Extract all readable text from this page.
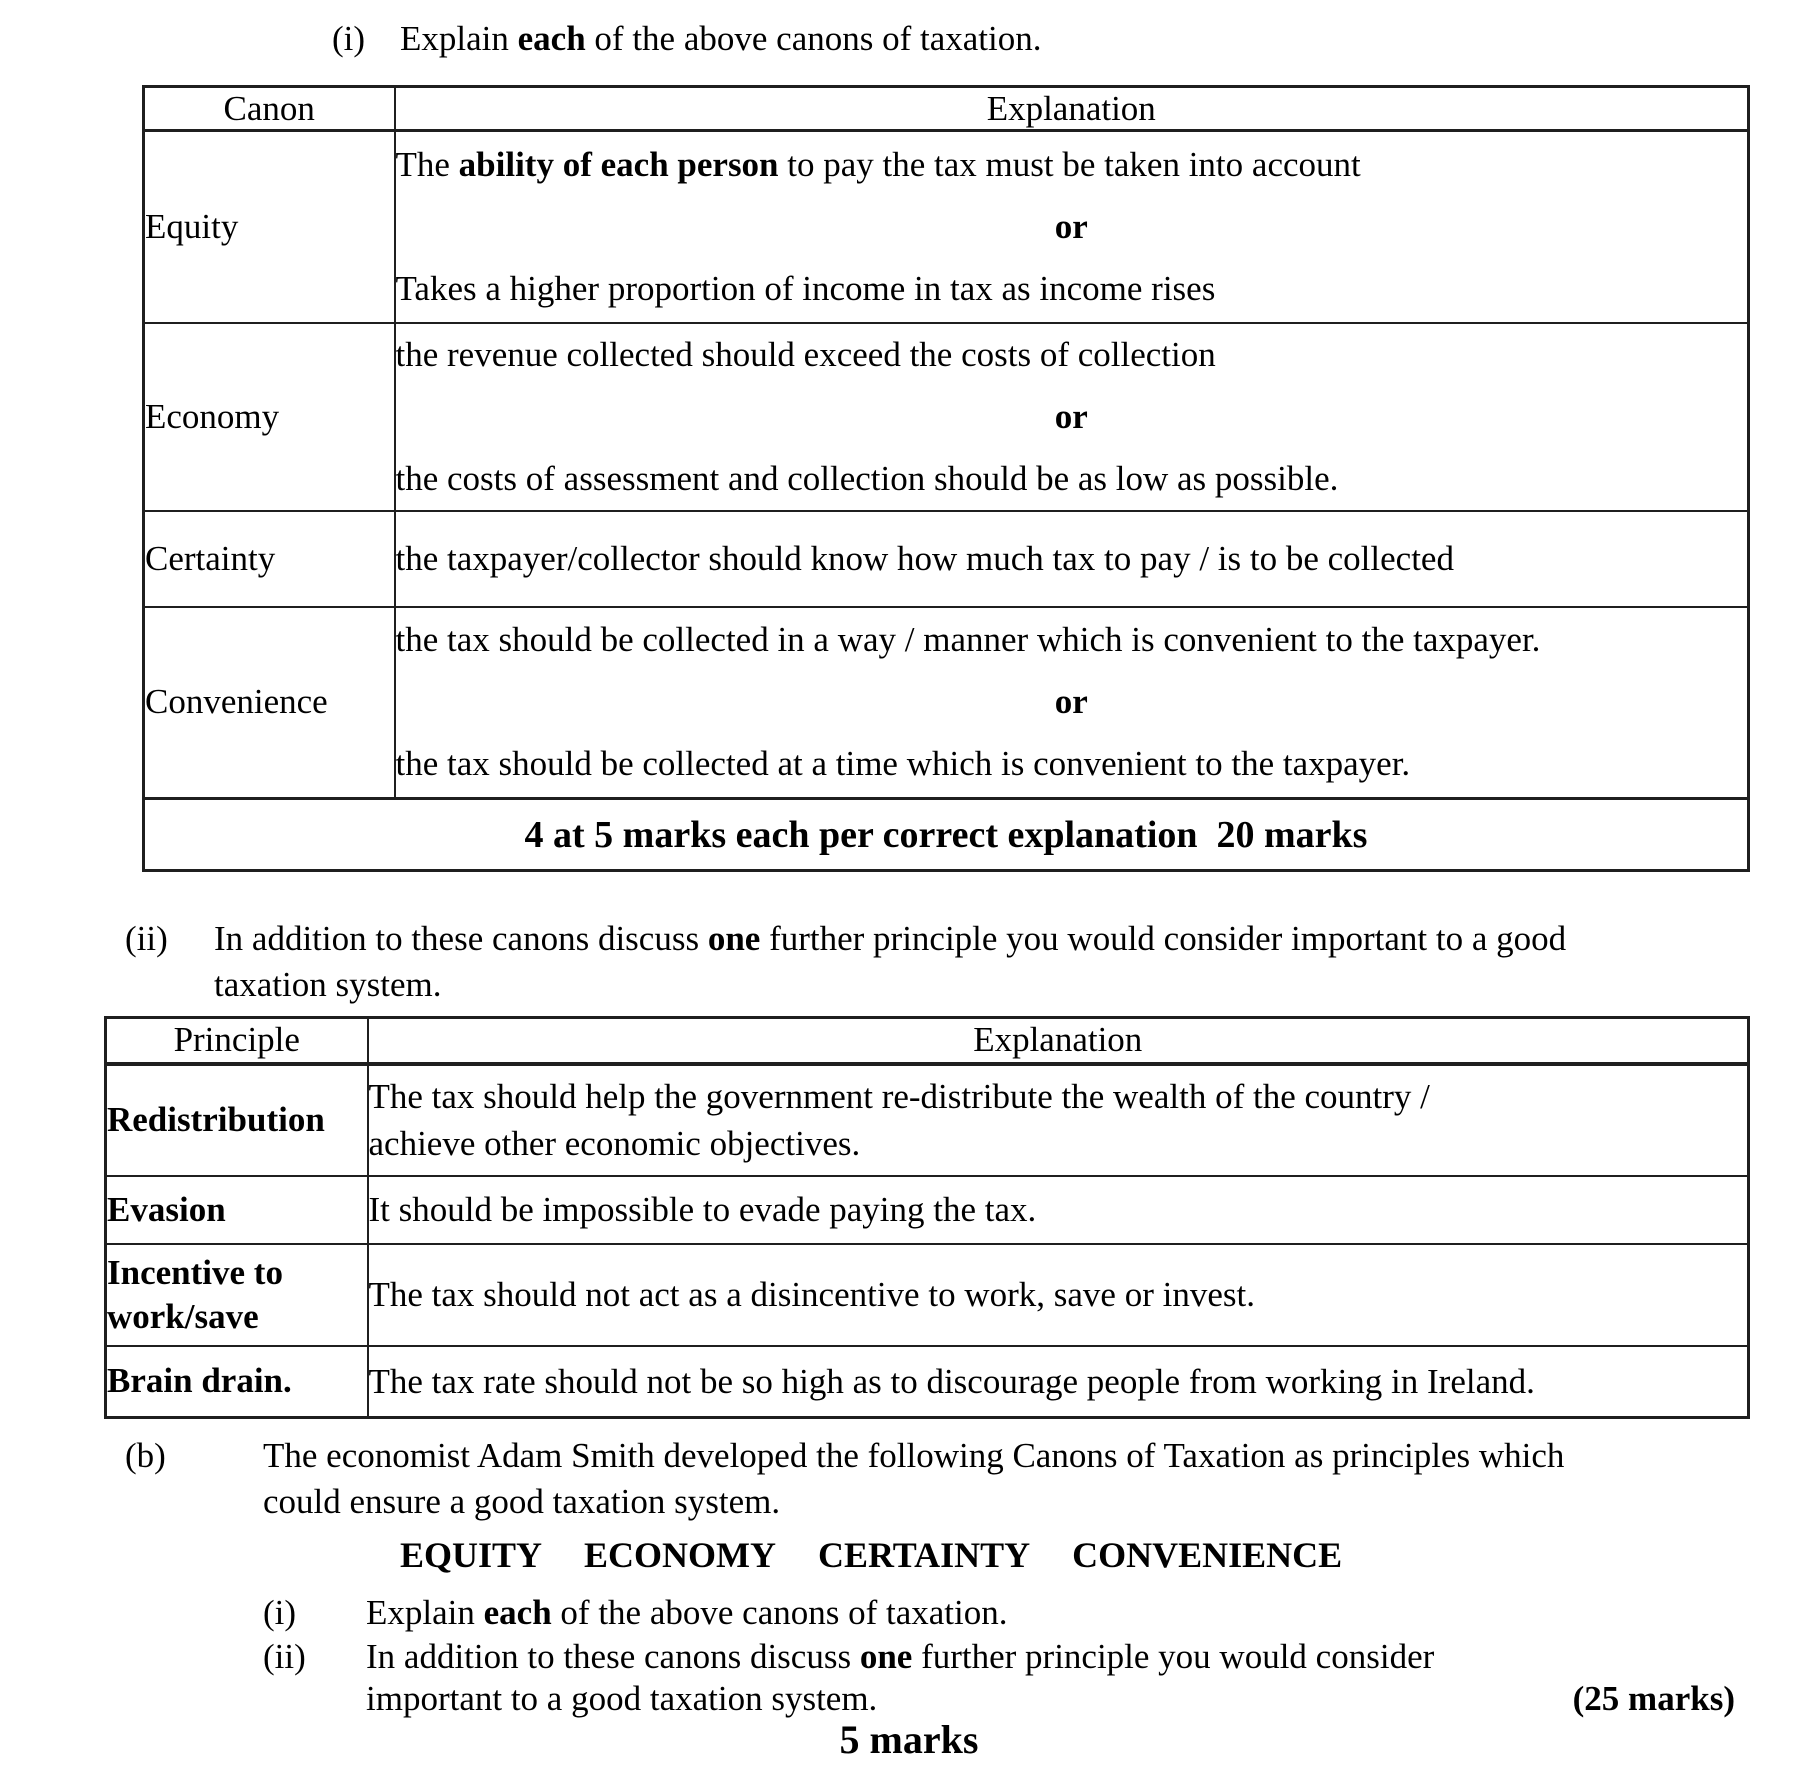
(i) Explain each of the above canons of taxation.
Canon	Explanation
Equity	The ability of each person to pay the tax must be taken into account
or
Takes a higher proportion of income in tax as income rises

Economy	the revenue collected should exceed the costs of collection
or
the costs of assessment and collection should be as low as possible.

Certainty	the taxpayer/collector should know how much tax to pay / is to be collected

Convenience	the tax should be collected in a way / manner which is convenient to the taxpayer.
or
the tax should be collected at a time which is convenient to the taxpayer.

4 at 5 marks each per correct explanation  20 marks	
(ii)	In addition to these canons discuss one further principle you would consider important to a good
taxation system.
Principle	Explanation
Redistribution	The tax should help the government re-distribute the wealth of the country /
achieve other economic objectives.

Evasion	It should be impossible to evade paying the tax.

Incentive to
work/save	The tax should not act as a disincentive to work, save or invest.

Brain drain.	The tax rate should not be so high as to discourage people from working in Ireland.
(b)	The economist Adam Smith developed the following Canons of Taxation as principles which
could ensure a good taxation system.
EQUITY ECONOMY CERTAINTY CONVENIENCE
(i)	Explain each of the above canons of taxation.
(ii)	In addition to these canons discuss one further principle you would consider
important to a good taxation system.	(25 marks)
5 marks
